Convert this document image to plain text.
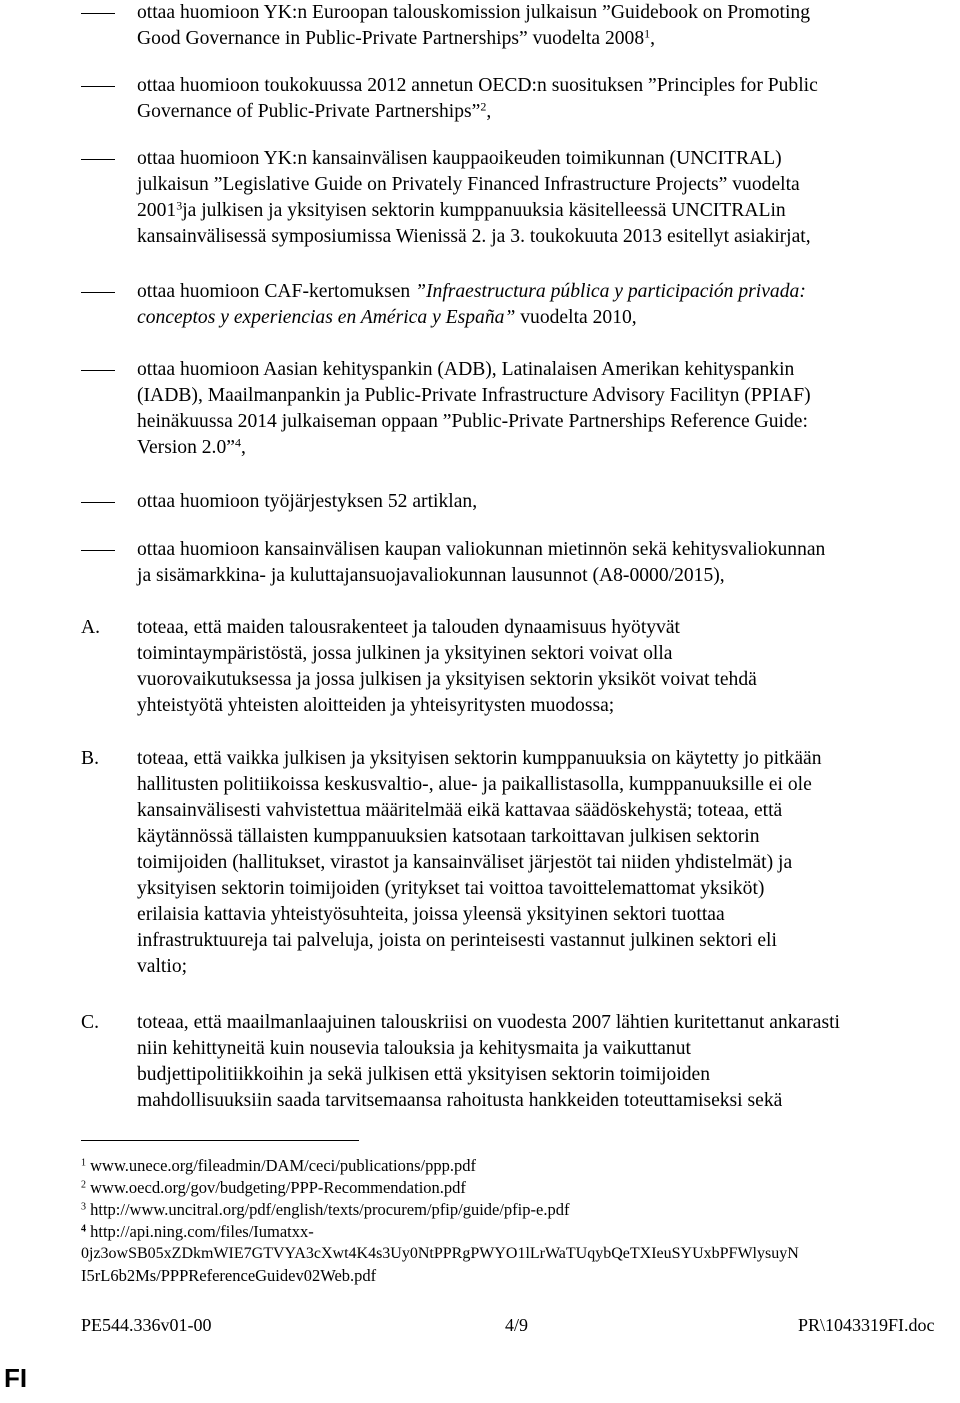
ottaa huomioon YK:n Euroopan talouskomission julkaisun ”Guidebook on Promoting
Good Governance in Public-Private Partnerships” vuodelta 2008$^1$,
ottaa huomioon toukokuussa 2012 annetun OECD:n suosituksen ”Principles for Public
Governance of Public-Private Partnerships”$^2$,
ottaa huomioon YK:n kansainvälisen kauppaoikeuden toimikunnan (UNCITRAL)
julkaisun ”Legislative Guide on Privately Financed Infrastructure Projects” vuodelta
2001$^3$ja julkisen ja yksityisen sektorin kumppanuuksia käsitelleessä UNCITRALin
kansainvälisessä symposiumissa Wienissä 2. ja 3. toukokuuta 2013 esitellyt asiakirjat,
ottaa huomioon CAF-kertomuksen ”Infraestructura pública y participación privada:
conceptos y experiencias en América y España” vuodelta 2010,
ottaa huomioon Aasian kehityspankin (ADB), Latinalaisen Amerikan kehityspankin
(IADB), Maailmanpankin ja Public-Private Infrastructure Advisory Facilityn (PPIAF)
heinäkuussa 2014 julkaiseman oppaan ”Public-Private Partnerships Reference Guide:
Version 2.0”$^4$,
ottaa huomioon työjärjestyksen 52 artiklan,
ottaa huomioon kansainvälisen kaupan valiokunnan mietinnön sekä kehitysvaliokunnan
ja sisämarkkina- ja kuluttajansuojavaliokunnan lausunnot (A8-0000/2015),
A. toteaa, että maiden talousrakenteet ja talouden dynaamisuus hyötyvät
toimintaympäristöstä, jossa julkinen ja yksityinen sektori voivat olla
vuorovaikutuksessa ja jossa julkisen ja yksityisen sektorin yksiköt voivat tehdä
yhteistyötä yhteisten aloitteiden ja yhteisyritysten muodossa;
B. toteaa, että vaikka julkisen ja yksityisen sektorin kumppanuuksia on käytetty jo pitkään
hallitusten politiikoissa keskusvaltio-, alue- ja paikallistasolla, kumppanuuksille ei ole
kansainvälisesti vahvistettua määritelmää eikä kattavaa säädöskehystä; toteaa, että
käytännössä tällaisten kumppanuuksien katsotaan tarkoittavan julkisen sektorin
toimijoiden (hallitukset, virastot ja kansainväliset järjestöt tai niiden yhdistelmät) ja
yksityisen sektorin toimijoiden (yritykset tai voittoa tavoittelemattomat yksiköt)
erilaisia kattavia yhteistyösuhteita, joissa yleensä yksityinen sektori tuottaa
infrastruktuureja tai palveluja, joista on perinteisesti vastannut julkinen sektori eli
valtio;
C. toteaa, että maailmanlaajuinen talouskriisi on vuodesta 2007 lähtien kuritettanut ankarasti
niin kehittyneitä kuin nousevia talouksia ja kehitysmaita ja vaikuttanut
budjettipolitiikkoihin ja sekä julkisen että yksityisen sektorin toimijoiden
mahdollisuuksiin saada tarvitsemaansa rahoitusta hankkeiden toteuttamiseksi sekä
$^1$ www.unece.org/fileadmin/DAM/ceci/publications/ppp.pdf
$^2$ www.oecd.org/gov/budgeting/PPP-Recommendation.pdf
$^3$ http://www.uncitral.org/pdf/english/texts/procurem/pfip/guide/pfip-e.pdf
$^4$ http://api.ning.com/files/Iumatxx-
0jz3owSB05xZDkmWIE7GTVYA3cXwt4K4s3Uy0NtPPRgPWYO1lLrWaTUqybQeTXIeuSYUxbPFWlysuyN
I5rL6b2Ms/PPPReferenceGuidev02Web.pdf
PE544.336v01-00	4/9	PR\1043319FI.doc
FI
